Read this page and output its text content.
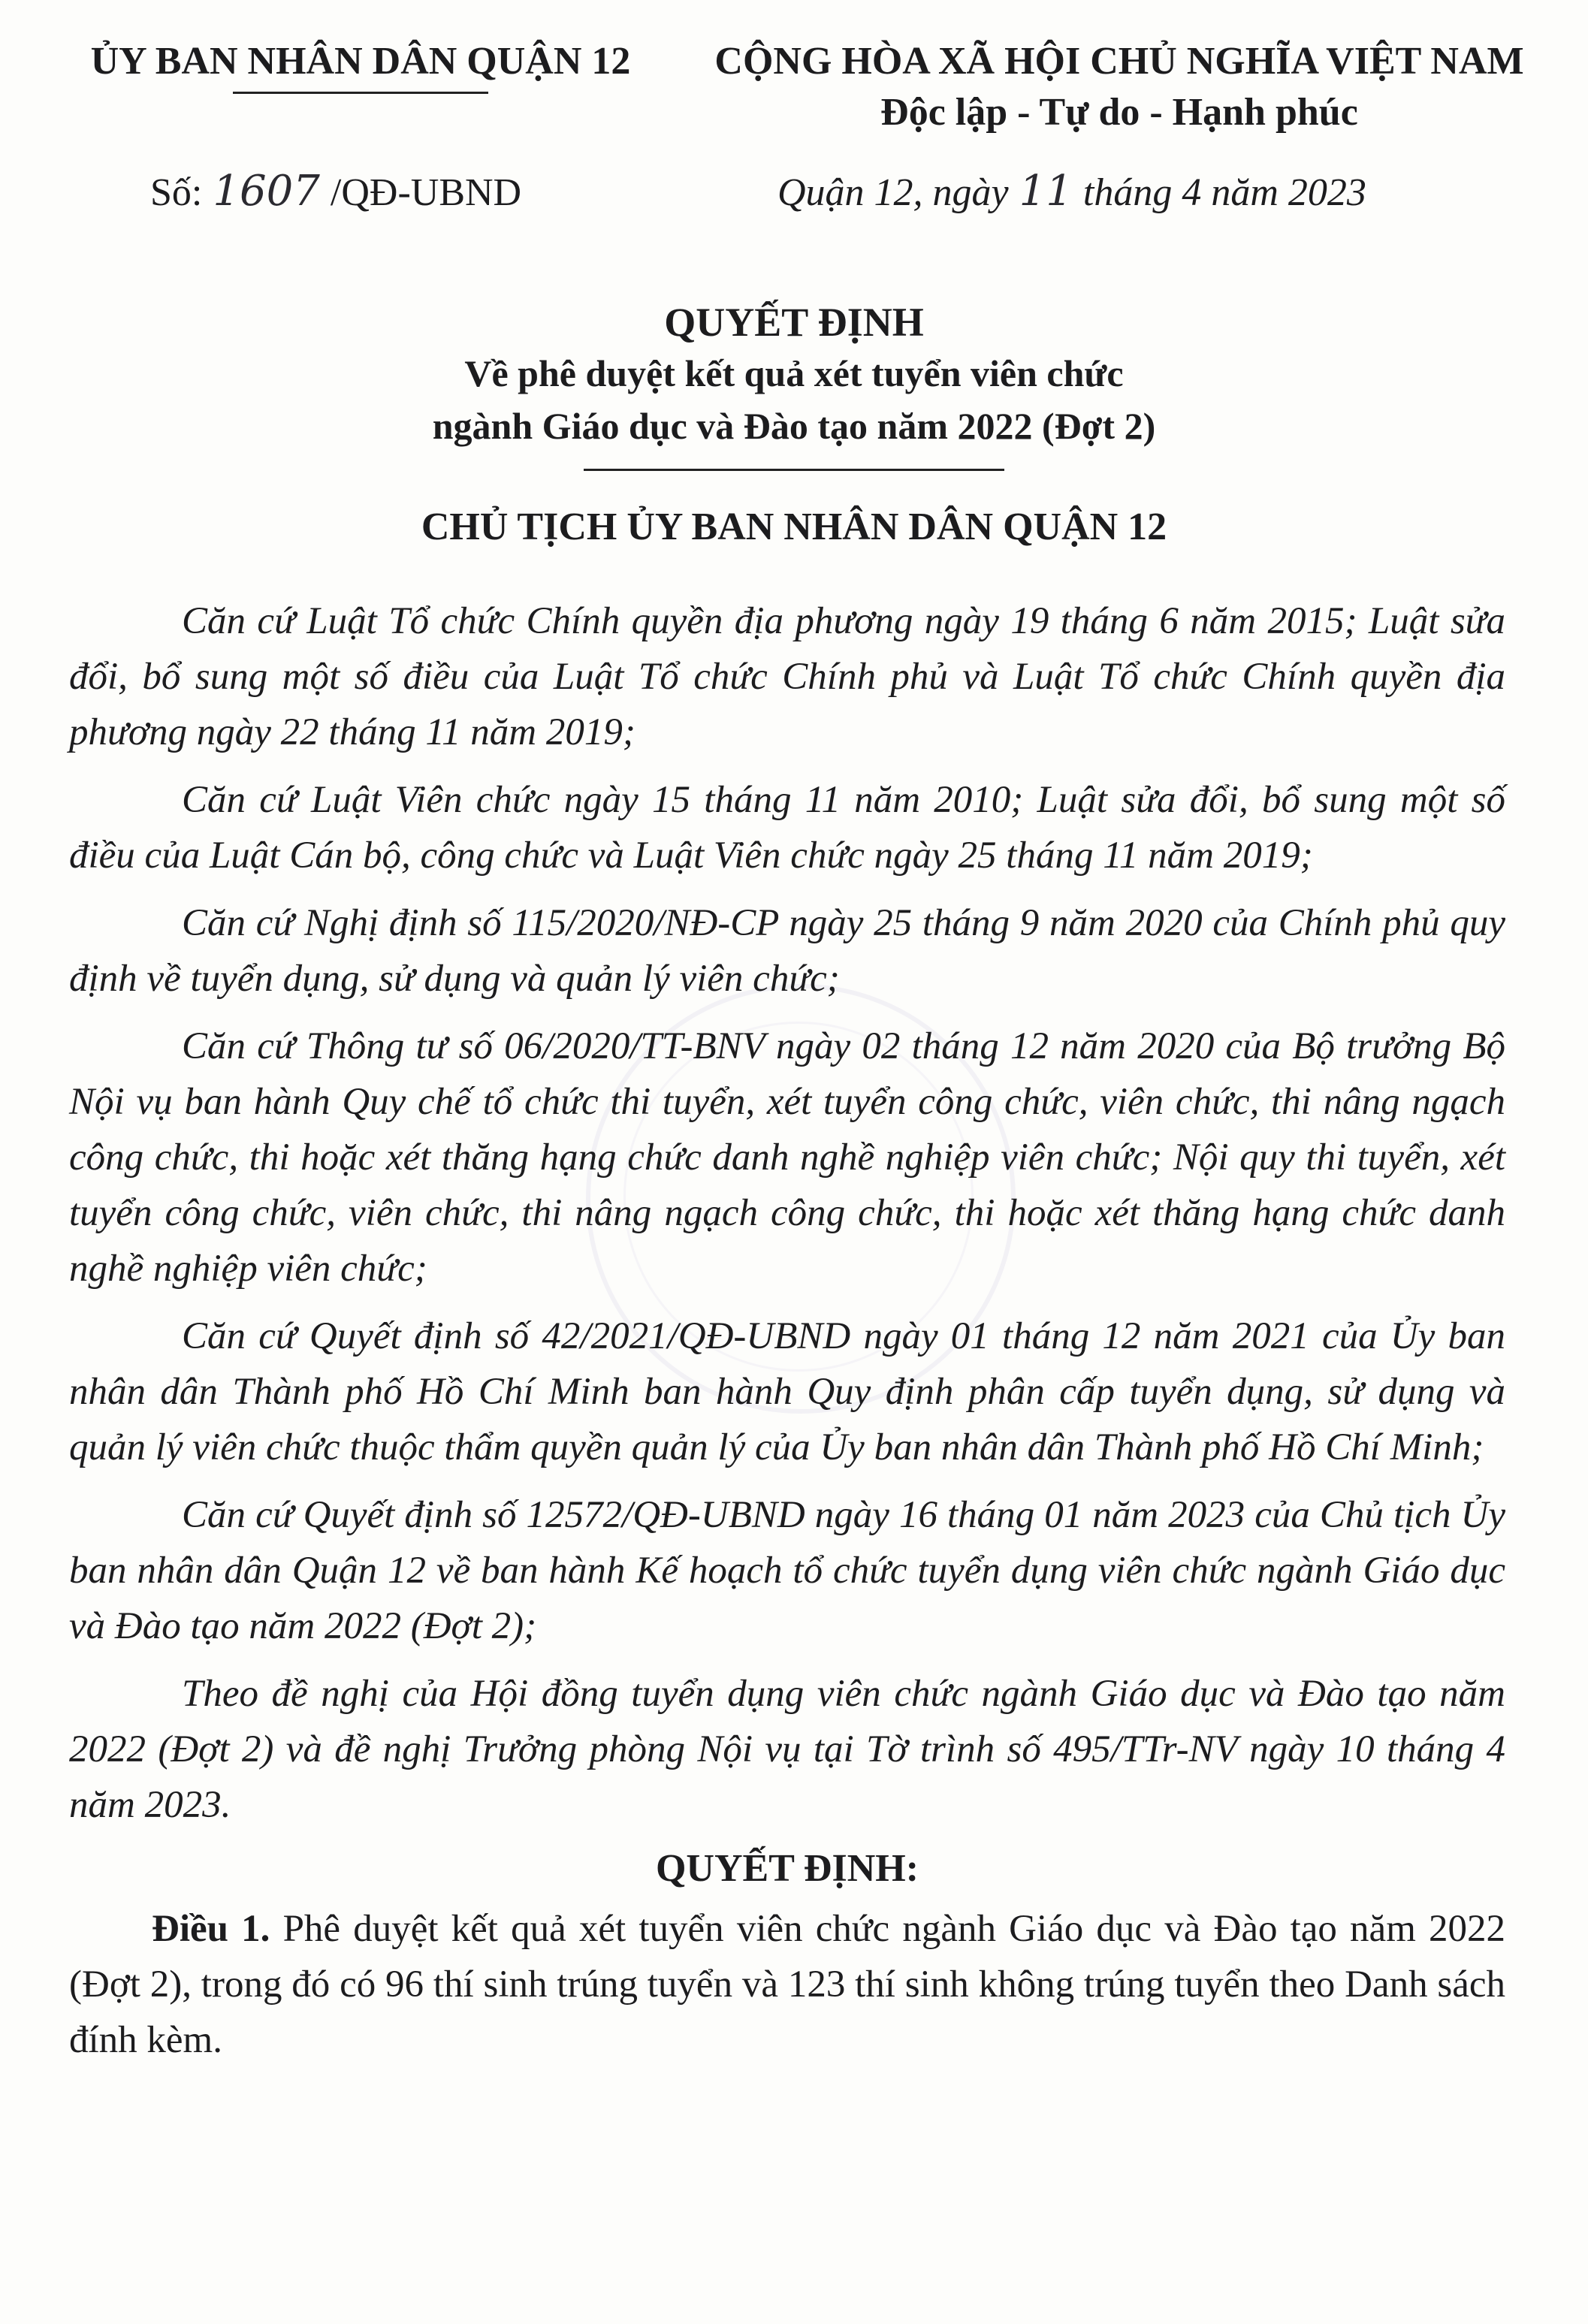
ỦY BAN NHÂN DÂN QUẬN 12	CỘNG HÒA XÃ HỘI CHỦ NGHĨA VIỆT NAM
Độc lập - Tự do - Hạnh phúc
Số: 1607 /QĐ-UBND	Quận 12, ngày 11 tháng 4 năm 2023
QUYẾT ĐỊNH
Về phê duyệt kết quả xét tuyển viên chức
ngành Giáo dục và Đào tạo năm 2022 (Đợt 2)
CHỦ TỊCH ỦY BAN NHÂN DÂN QUẬN 12

Căn cứ Luật Tổ chức Chính quyền địa phương ngày 19 tháng 6 năm 2015; Luật sửa đổi, bổ sung một số điều của Luật Tổ chức Chính phủ và Luật Tổ chức Chính quyền địa phương ngày 22 tháng 11 năm 2019;

Căn cứ Luật Viên chức ngày 15 tháng 11 năm 2010; Luật sửa đổi, bổ sung một số điều của Luật Cán bộ, công chức và Luật Viên chức ngày 25 tháng 11 năm 2019;

Căn cứ Nghị định số 115/2020/NĐ-CP ngày 25 tháng 9 năm 2020 của Chính phủ quy định về tuyển dụng, sử dụng và quản lý viên chức;

Căn cứ Thông tư số 06/2020/TT-BNV ngày 02 tháng 12 năm 2020 của Bộ trưởng Bộ Nội vụ ban hành Quy chế tổ chức thi tuyển, xét tuyển công chức, viên chức, thi nâng ngạch công chức, thi hoặc xét thăng hạng chức danh nghề nghiệp viên chức; Nội quy thi tuyển, xét tuyển công chức, viên chức, thi nâng ngạch công chức, thi hoặc xét thăng hạng chức danh nghề nghiệp viên chức;

Căn cứ Quyết định số 42/2021/QĐ-UBND ngày 01 tháng 12 năm 2021 của Ủy ban nhân dân Thành phố Hồ Chí Minh ban hành Quy định phân cấp tuyển dụng, sử dụng và quản lý viên chức thuộc thẩm quyền quản lý của Ủy ban nhân dân Thành phố Hồ Chí Minh;

Căn cứ Quyết định số 12572/QĐ-UBND ngày 16 tháng 01 năm 2023 của Chủ tịch Ủy ban nhân dân Quận 12 về ban hành Kế hoạch tổ chức tuyển dụng viên chức ngành Giáo dục và Đào tạo năm 2022 (Đợt 2);

Theo đề nghị của Hội đồng tuyển dụng viên chức ngành Giáo dục và Đào tạo năm 2022 (Đợt 2) và đề nghị Trưởng phòng Nội vụ tại Tờ trình số 495/TTr-NV ngày 10 tháng 4 năm 2023.

QUYẾT ĐỊNH:

Điều 1. Phê duyệt kết quả xét tuyển viên chức ngành Giáo dục và Đào tạo năm 2022 (Đợt 2), trong đó có 96 thí sinh trúng tuyển và 123 thí sinh không trúng tuyển theo Danh sách đính kèm.
